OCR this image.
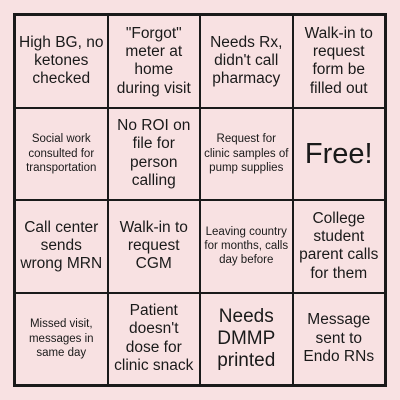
High BG, no ketones checked
"Forgot" meter at home during visit
Needs Rx, didn't call pharmacy
Walk-in to request form be filled out
Social work consulted for transportation
No ROI on file for person calling
Request for clinic samples of pump supplies Free!
Call center sends wrong MRN
Walk-in to request CGM
Leaving country for months, calls day before
College student parent calls for them
Missed visit, messages in same day
Patient doesn't dose for clinic snack
Needs DMMP printed
Message sent to Endo RNs
